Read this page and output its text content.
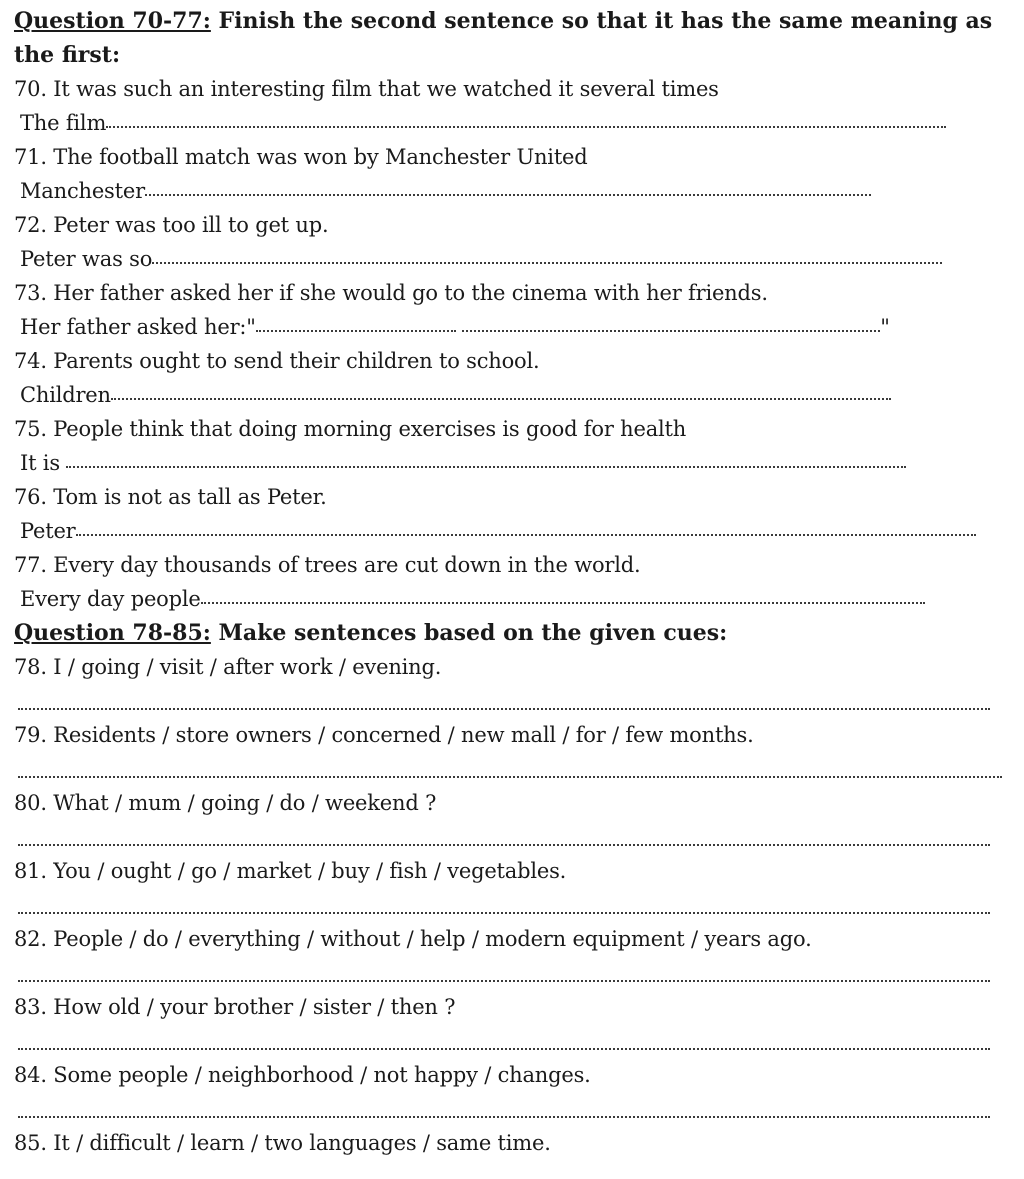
Question 70-77: Finish the second sentence so that it has the same meaning as the first:

70. It was such an interesting film that we watched it several times
The film
71. The football match was won by Manchester United
Manchester
72. Peter was too ill to get up.
Peter was so
73. Her father asked her if she would go to the cinema with her friends.
Her father asked her:"	"
74. Parents ought to send their children to school.
Children
75. People think that doing morning exercises is good for health
It is
76. Tom is not as tall as Peter.
Peter
77. Every day thousands of trees are cut down in the world.
Every day people

Question 78-85: Make sentences based on the given cues:

78. I / going / visit / after work / evening.
79. Residents / store owners / concerned / new mall / for / few months.
80. What / mum / going / do / weekend ?
81. You / ought / go / market / buy / fish / vegetables.
82. People / do / everything / without / help / modern equipment / years ago.
83. How old / your brother / sister / then ?
84. Some people / neighborhood / not happy / changes.
85. It / difficult / learn / two languages / same time.
